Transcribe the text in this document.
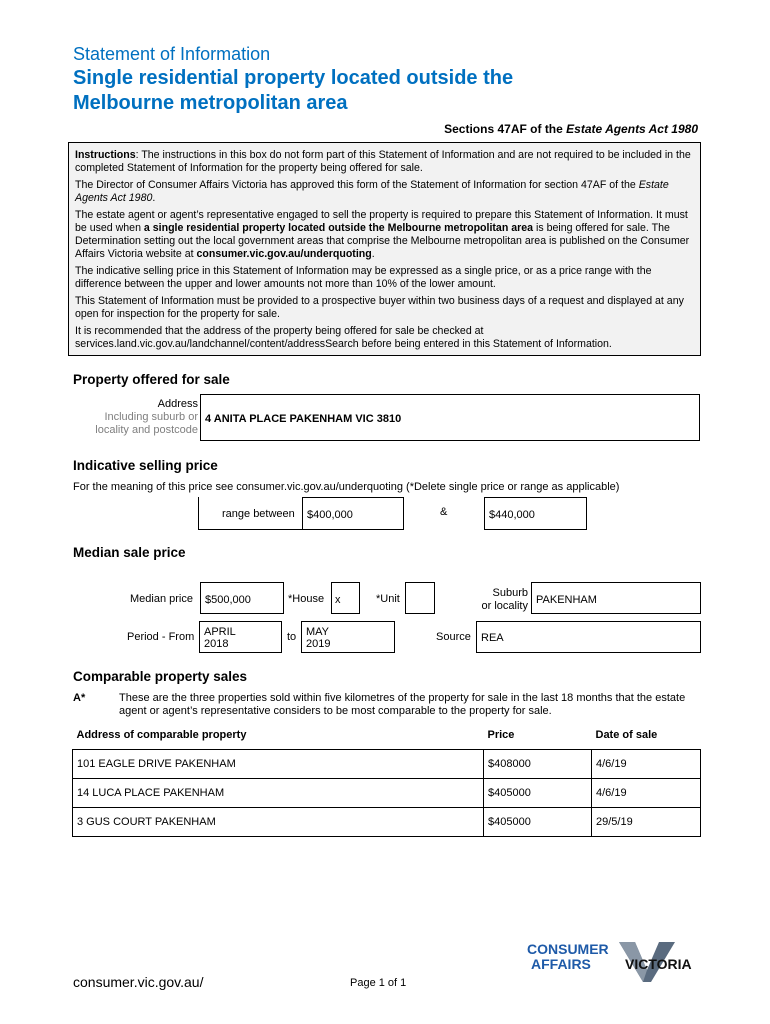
Statement of Information
Single residential property located outside the
Melbourne metropolitan area
Sections 47AF of the Estate Agents Act 1980

Instructions: The instructions in this box do not form part of this Statement of Information and are not required to be included in the completed Statement of Information for the property being offered for sale.

The Director of Consumer Affairs Victoria has approved this form of the Statement of Information for section 47AF of the Estate Agents Act 1980.

The estate agent or agent’s representative engaged to sell the property is required to prepare this Statement of Information. It must be used when a single residential property located outside the Melbourne metropolitan area is being offered for sale. The Determination setting out the local government areas that comprise the Melbourne metropolitan area is published on the Consumer Affairs Victoria website at consumer.vic.gov.au/underquoting.

The indicative selling price in this Statement of Information may be expressed as a single price, or as a price range with the difference between the upper and lower amounts not more than 10% of the lower amount.

This Statement of Information must be provided to a prospective buyer within two business days of a request and displayed at any open for inspection for the property for sale.

It is recommended that the address of the property being offered for sale be checked at services.land.vic.gov.au/landchannel/content/addressSearch before being entered in this Statement of Information.

Property offered for sale
Address
Including suburb or
locality and postcode
4 ANITA PLACE PAKENHAM VIC 3810
Indicative selling price
For the meaning of this price see consumer.vic.gov.au/underquoting (*Delete single price or range as applicable)
range between $400,000	&	$440,000
Median sale price
Median price $500,000	*House x	*Unit	Suburb
or locality PAKENHAM
Period - From APRIL
2018
to MAY
2019
Source REA
Comparable property sales
A*	These are the three properties sold within five kilometres of the property for sale in the last 18 months that the estate agent or agent’s representative considers to be most comparable to the property for sale.
Address of comparable property	Price	Date of sale
101 EAGLE DRIVE PAKENHAM	$408000	4/6/19
14 LUCA PLACE PAKENHAM	$405000	4/6/19
3 GUS COURT PAKENHAM	$405000	29/5/19
consumer.vic.gov.au/	Page 1 of 1
CONSUMER
AFFAIRS VICTORIA
